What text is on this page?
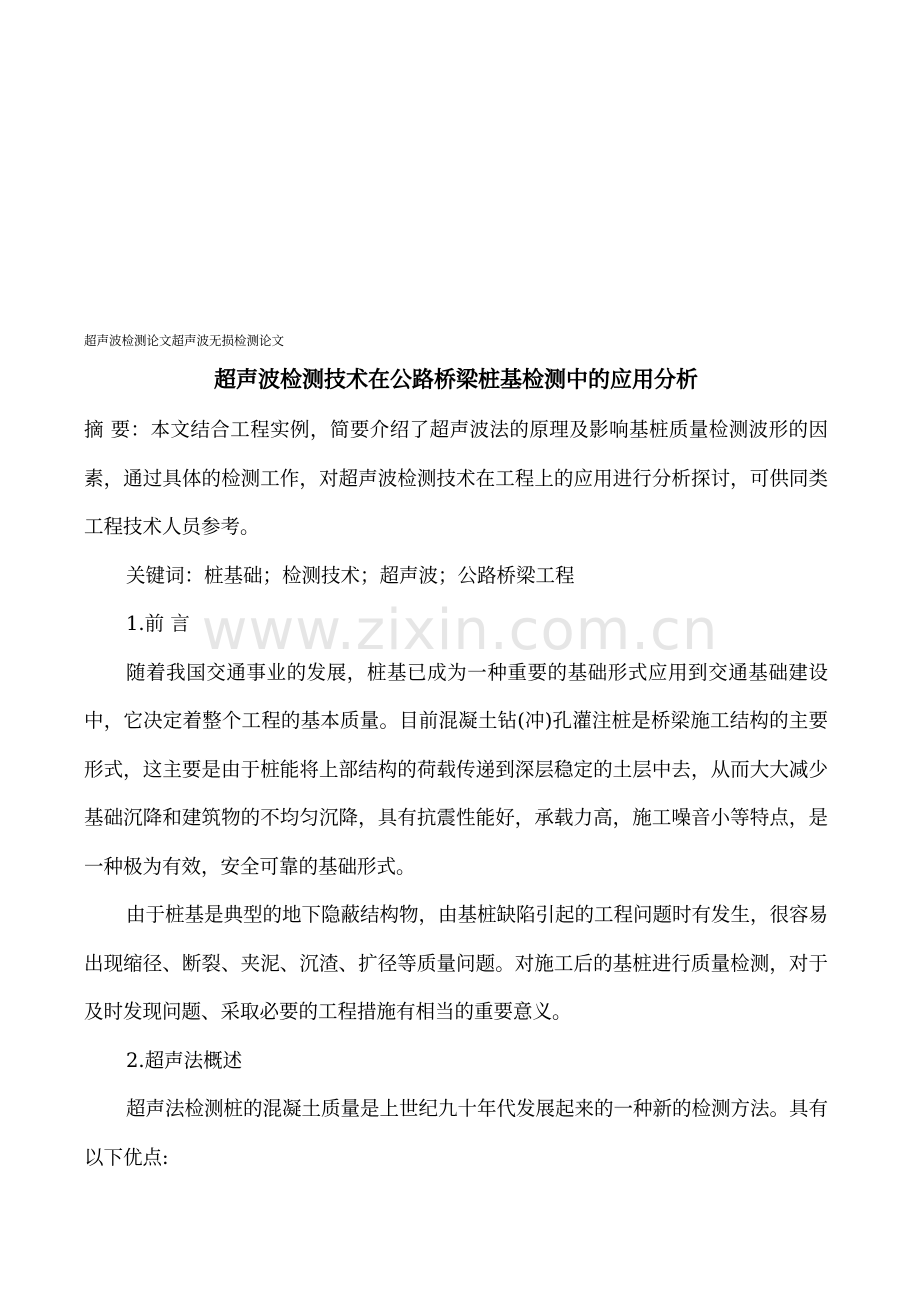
www.zixin.com.cn

超声波检测论文超声波无损检测论文

超声波检测技术在公路桥梁桩基检测中的应用分析

摘 要：本文结合工程实例，简要介绍了超声波法的原理及影响基桩质量检测波形的因素，通过具体的检测工作，对超声波检测技术在工程上的应用进行分析探讨，可供同类工程技术人员参考。

关键词：桩基础；检测技术；超声波；公路桥梁工程

1.前 言

随着我国交通事业的发展，桩基已成为一种重要的基础形式应用到交通基础建设中，它决定着整个工程的基本质量。目前混凝土钻(冲)孔灌注桩是桥梁施工结构的主要形式，这主要是由于桩能将上部结构的荷载传递到深层稳定的土层中去，从而大大减少基础沉降和建筑物的不均匀沉降，具有抗震性能好，承载力高，施工噪音小等特点，是一种极为有效，安全可靠的基础形式。

由于桩基是典型的地下隐蔽结构物，由基桩缺陷引起的工程问题时有发生，很容易出现缩径、断裂、夹泥、沉渣、扩径等质量问题。对施工后的基桩进行质量检测，对于及时发现问题、采取必要的工程措施有相当的重要意义。

2.超声法概述

超声法检测桩的混凝土质量是上世纪九十年代发展起来的一种新的检测方法。具有以下优点:
